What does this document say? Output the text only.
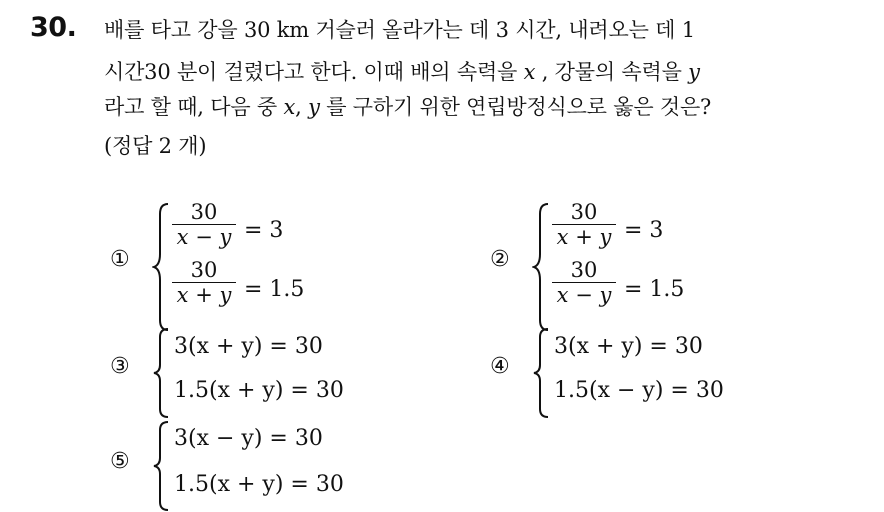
30. 배를 타고 강을 30 km 거슬러 올라가는 데 3 시간, 내려오는 데 1
시간30 분이 걸렸다고 한다. 이때 배의 속력을 x , 강물의 속력을 y
라고 할 때, 다음 중 x, y 를 구하기 위한 연립방정식으로 옳은 것은?
(정답 2 개)
①
30
x − y = 3
30
x + y = 1.5
②
30
x + y = 3
30
x − y = 1.5
③
3(x + y) = 30
1.5(x + y) = 30
④
3(x + y) = 30
1.5(x − y) = 30
⑤
3(x − y) = 30
1.5(x + y) = 30
